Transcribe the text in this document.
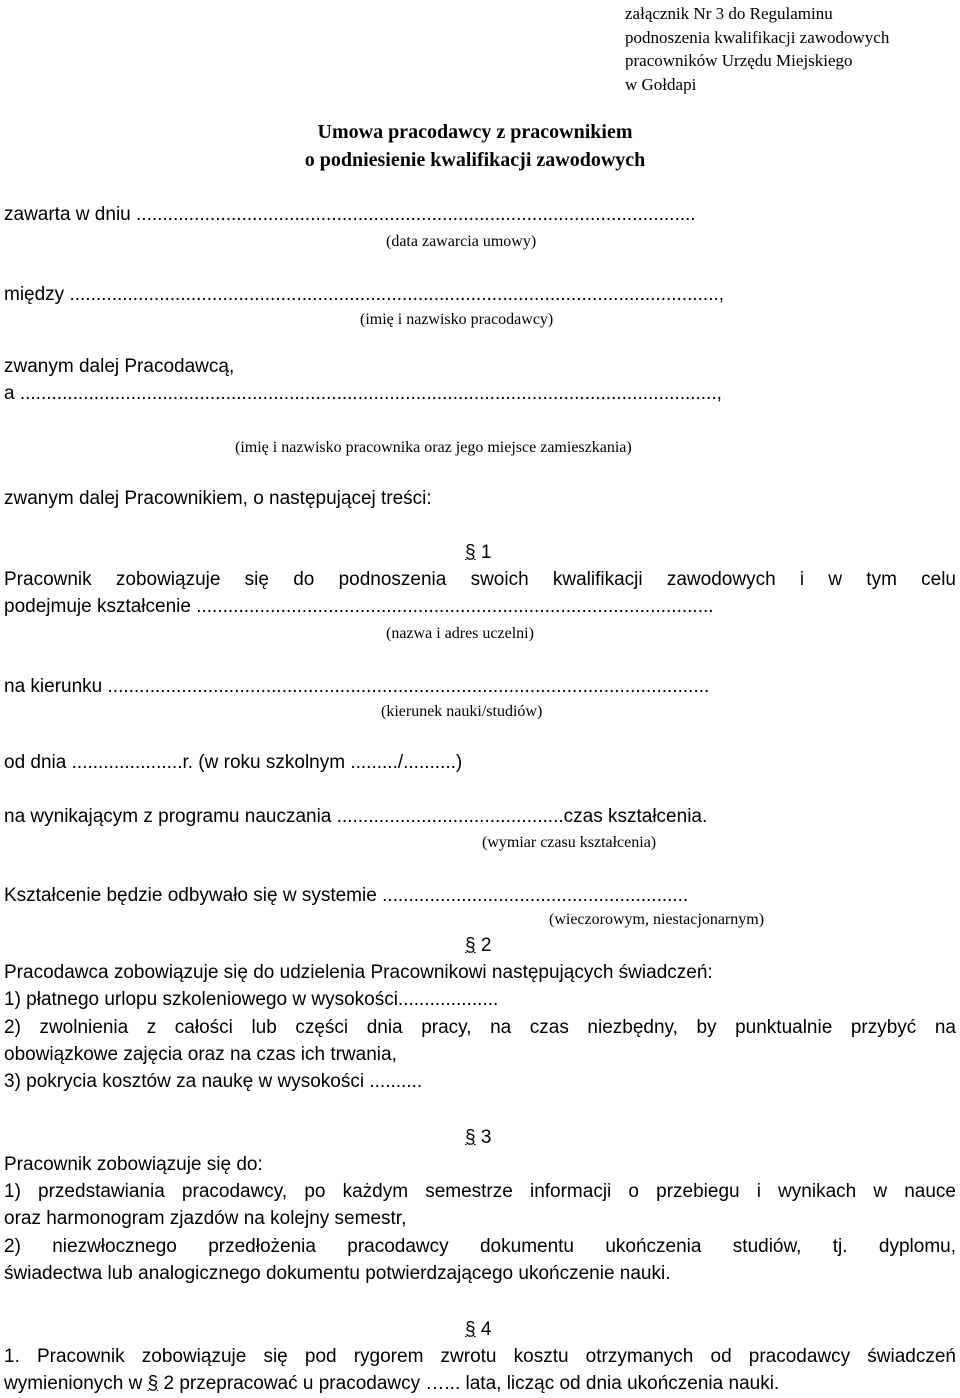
załącznik Nr 3 do Regulaminu
podnoszenia kwalifikacji zawodowych
pracowników Urzędu Miejskiego
w Gołdapi
Umowa pracodawcy z pracownikiem
o podniesienie kwalifikacji zawodowych
zawarta w dniu ..........................................................................................................
(data zawarcia umowy)
między ...........................................................................................................................,
(imię i nazwisko pracodawcy)
zwanym dalej Pracodawcą,
a ....................................................................................................................................,
(imię i nazwisko pracownika oraz jego miejsce zamieszkania)
zwanym dalej Pracownikiem, o następującej treści:
§ 1
Pracownik zobowiązuje się do podnoszenia swoich kwalifikacji zawodowych i w tym celu
podejmuje kształcenie ..................................................................................................
(nazwa i adres uczelni)
na kierunku ..................................................................................................................
(kierunek nauki/studiów)
od dnia .....................r. (w roku szkolnym ........./..........)
na wynikającym z programu nauczania ...........................................czas kształcenia.
(wymiar czasu kształcenia)
Kształcenie będzie odbywało się w systemie ..........................................................
(wieczorowym, niestacjonarnym)
§ 2
Pracodawca zobowiązuje się do udzielenia Pracownikowi następujących świadczeń:
1) płatnego urlopu szkoleniowego w wysokości...................
2) zwolnienia z całości lub części dnia pracy, na czas niezbędny, by punktualnie przybyć na
obowiązkowe zajęcia oraz na czas ich trwania,
3) pokrycia kosztów za naukę w wysokości ..........
§ 3
Pracownik zobowiązuje się do:
1) przedstawiania pracodawcy, po każdym semestrze informacji o przebiegu i wynikach w nauce
oraz harmonogram zjazdów na kolejny semestr,
2) niezwłocznego przedłożenia pracodawcy dokumentu ukończenia studiów, tj. dyplomu,
świadectwa lub analogicznego dokumentu potwierdzającego ukończenie nauki.
§ 4
1. Pracownik zobowiązuje się pod rygorem zwrotu kosztu otrzymanych od pracodawcy świadczeń
wymienionych w § 2 przepracować u pracodawcy …... lata, licząc od dnia ukończenia nauki.
